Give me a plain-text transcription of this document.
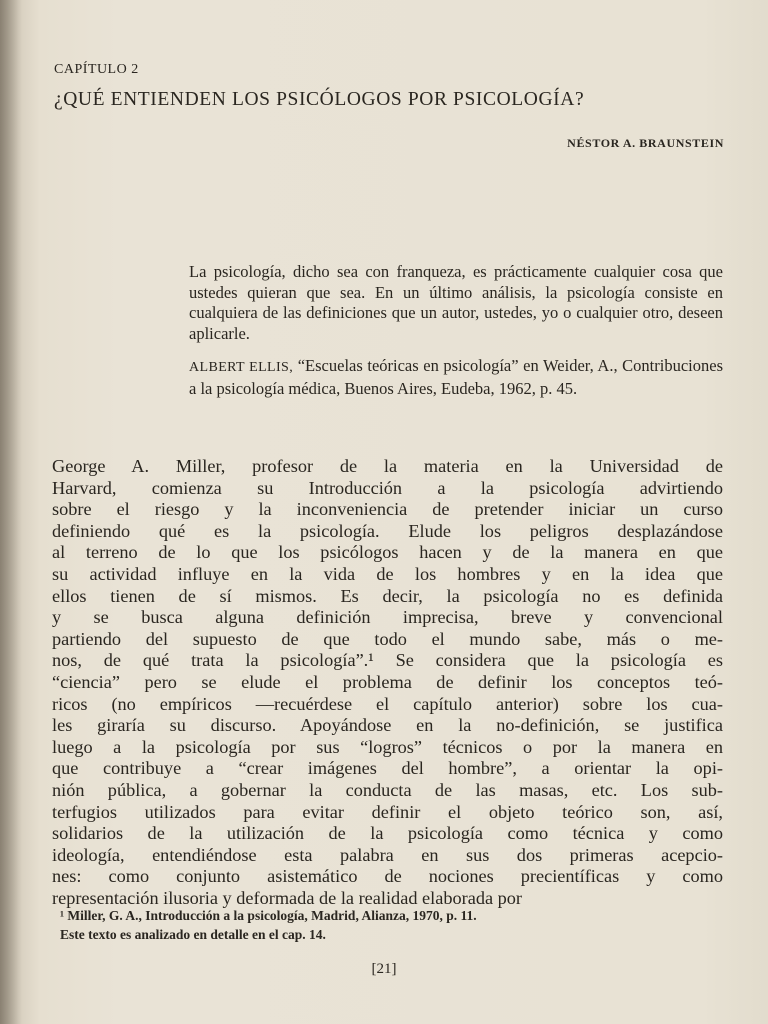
CAPÍTULO 2
¿QUÉ ENTIENDEN LOS PSICÓLOGOS POR PSICOLOGÍA?
NÉSTOR A. BRAUNSTEIN

La psicología, dicho sea con franqueza, es prácticamente cualquier cosa que ustedes quieran que sea. En un último análisis, la psicología consiste en cualquiera de las definiciones que un autor, ustedes, yo o cualquier otro, deseen aplicarle.

ALBERT ELLIS, “Escuelas teóricas en psicología” en Weider, A., Contribuciones a la psicología médica, Buenos Aires, Eudeba, 1962, p. 45.

George A. Miller, profesor de la materia en la Universidad de
Harvard, comienza su Introducción a la psicología advirtiendo
sobre el riesgo y la inconveniencia de pretender iniciar un curso
definiendo qué es la psicología. Elude los peligros desplazándose
al terreno de lo que los psicólogos hacen y de la manera en que
su actividad influye en la vida de los hombres y en la idea que
ellos tienen de sí mismos. Es decir, la psicología no es definida
y se busca alguna definición imprecisa, breve y convencional
partiendo del supuesto de que todo el mundo sabe, más o me-
nos, de qué trata la psicología”.¹ Se considera que la psicología es
“ciencia” pero se elude el problema de definir los conceptos teó-
ricos (no empíricos —recuérdese el capítulo anterior) sobre los cua-
les giraría su discurso. Apoyándose en la no-definición, se justifica
luego a la psicología por sus “logros” técnicos o por la manera en
que contribuye a “crear imágenes del hombre”, a orientar la opi-
nión pública, a gobernar la conducta de las masas, etc. Los sub-
terfugios utilizados para evitar definir el objeto teórico son, así,
solidarios de la utilización de la psicología como técnica y como
ideología, entendiéndose esta palabra en sus dos primeras acepcio-
nes: como conjunto asistemático de nociones precientíficas y como
representación ilusoria y deformada de la realidad elaborada por

¹ Miller, G. A., Introducción a la psicología, Madrid, Alianza, 1970, p. 11.

Este texto es analizado en detalle en el cap. 14.

[21]
